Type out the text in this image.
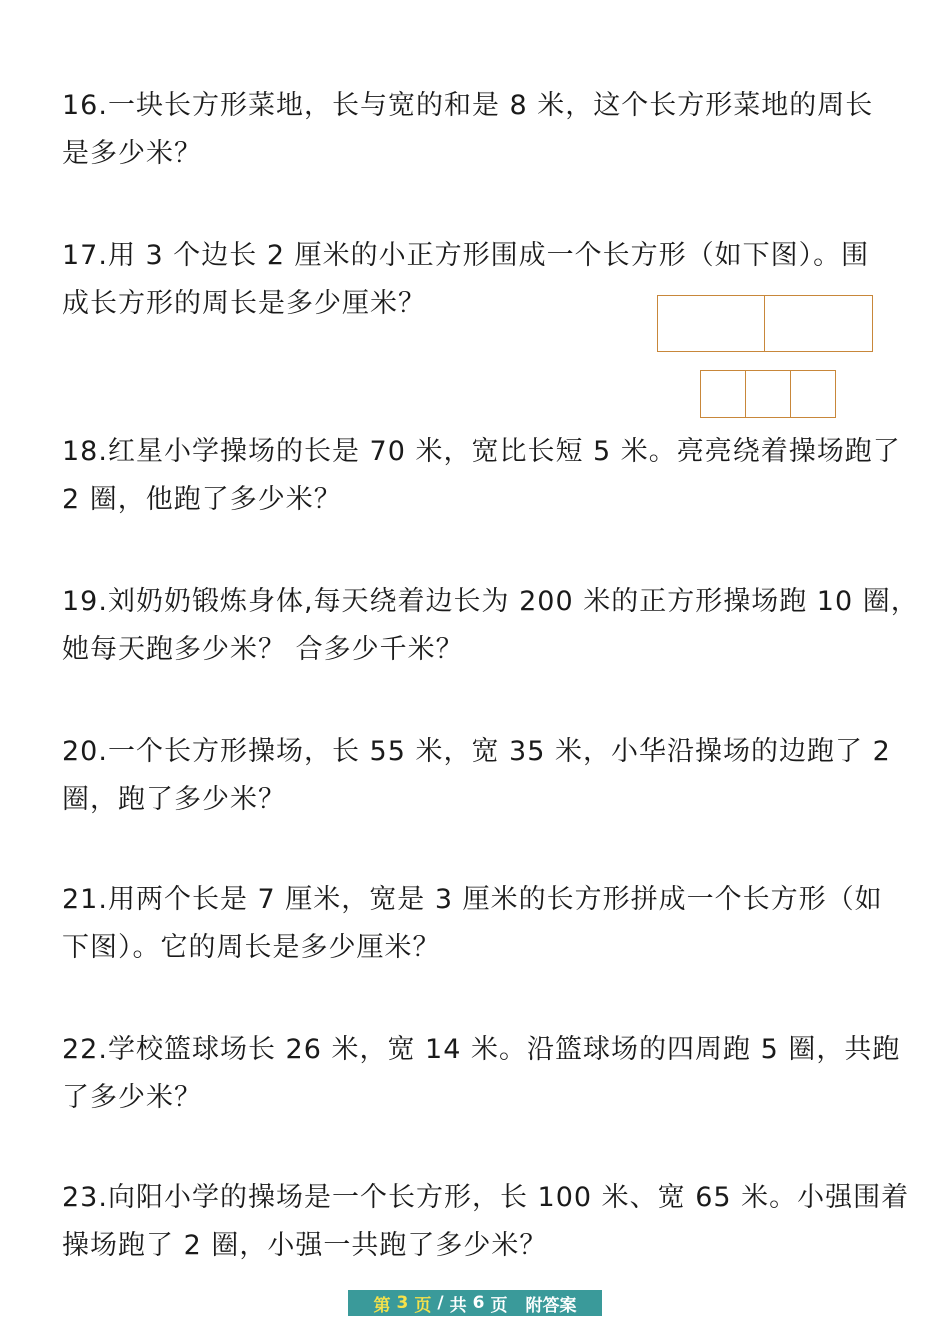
16.一块长方形菜地，长与宽的和是 8 米，这个长方形菜地的周长
是多少米？
17.用 3 个边长 2 厘米的小正方形围成一个长方形（如下图）。围
成长方形的周长是多少厘米？
18.红星小学操场的长是 70 米，宽比长短 5 米。亮亮绕着操场跑了
2 圈，他跑了多少米？
19.刘奶奶锻炼身体,每天绕着边长为 200 米的正方形操场跑 10 圈，
她每天跑多少米？ 合多少千米？
20.一个长方形操场，长 55 米，宽 35 米，小华沿操场的边跑了 2
圈，跑了多少米？
21.用两个长是 7 厘米，宽是 3 厘米的长方形拼成一个长方形（如
下图）。它的周长是多少厘米？
22.学校篮球场长 26 米，宽 14 米。沿篮球场的四周跑 5 圈，共跑
了多少米？
23.向阳小学的操场是一个长方形，长 100 米、宽 65 米。小强围着
操场跑了 2 圈，小强一共跑了多少米？
第 3 页 / 共 6 页 附答案
